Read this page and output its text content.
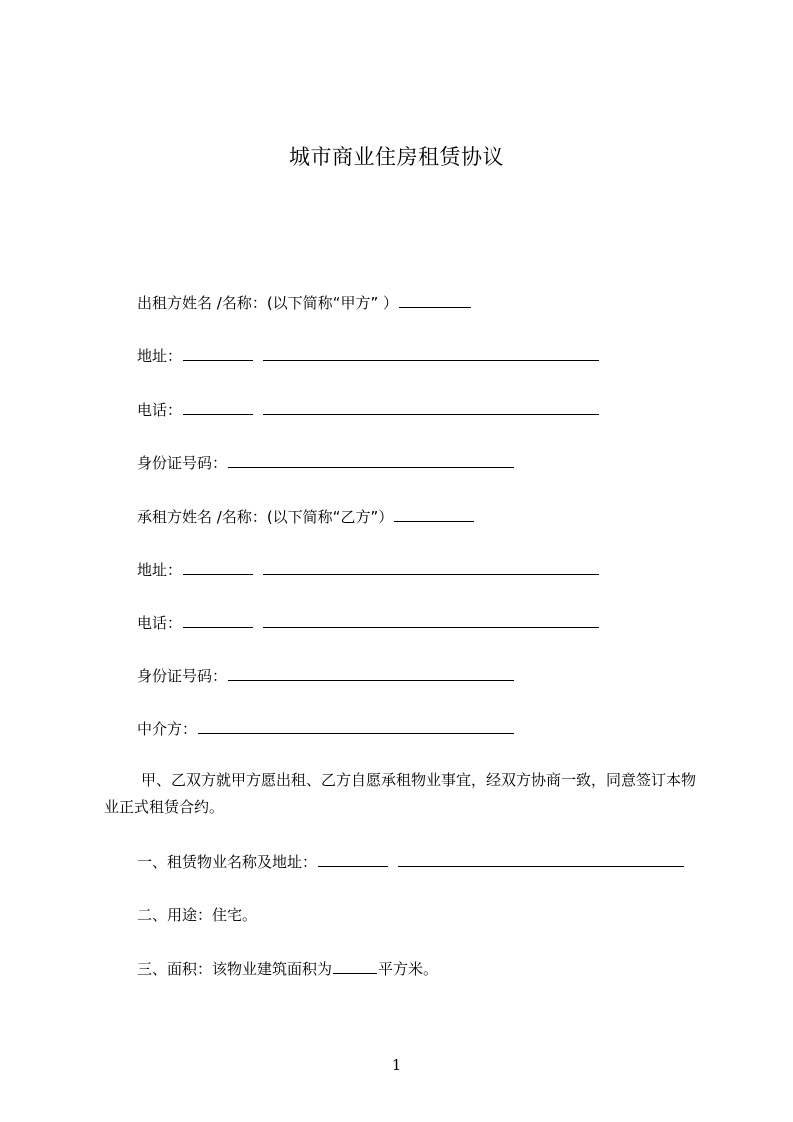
城市商业住房租赁协议
出租方姓名 /名称：(以下简称“甲方” ）
地址：
电话：
身份证号码：
承租方姓名 /名称：(以下简称“乙方”）
地址：
电话：
身份证号码：
中介方：
甲、乙双方就甲方愿出租、乙方自愿承租物业事宜，经双方协商一致，同意签订本物业正式租赁合约。
一、租赁物业名称及地址：
二、用途：住宅。
三、面积：该物业建筑面积为	平方米。
1
